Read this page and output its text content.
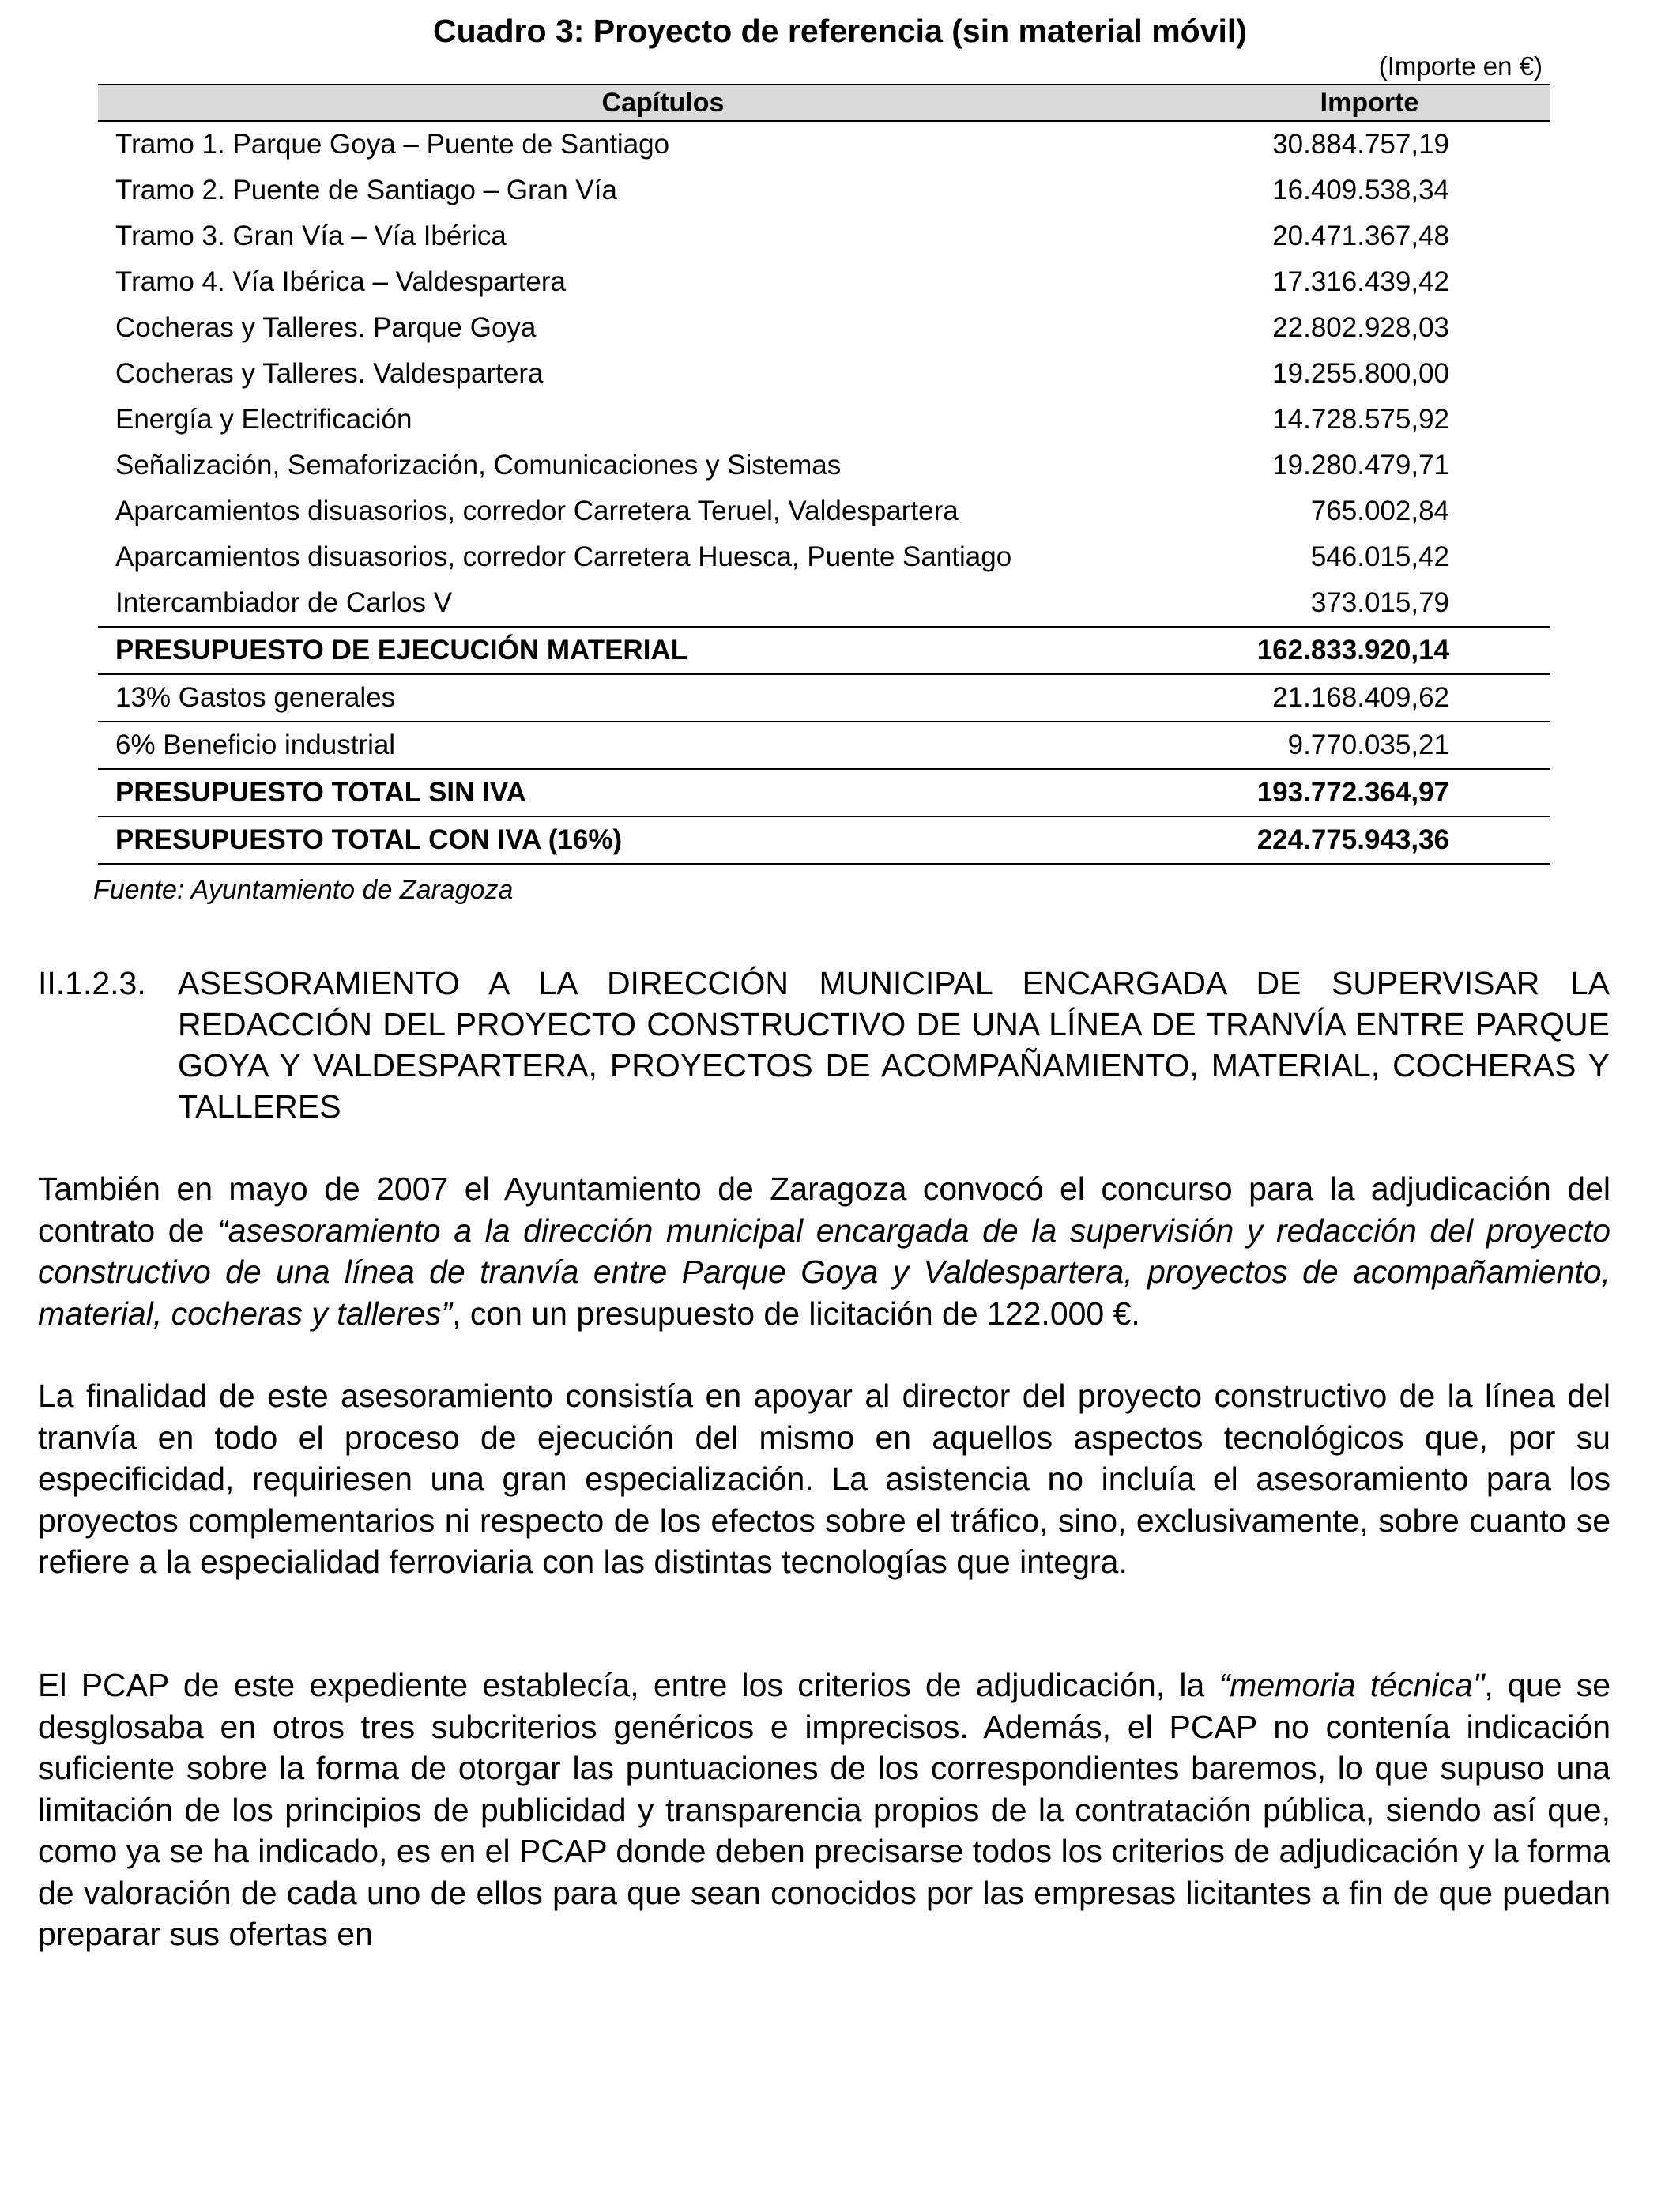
Cuadro 3: Proyecto de referencia (sin material móvil)
(Importe en €)
Capítulos	Importe
Tramo 1. Parque Goya – Puente de Santiago	30.884.757,19
Tramo 2. Puente de Santiago – Gran Vía	16.409.538,34
Tramo 3. Gran Vía – Vía Ibérica	20.471.367,48
Tramo 4. Vía Ibérica – Valdespartera	17.316.439,42
Cocheras y Talleres. Parque Goya	22.802.928,03
Cocheras y Talleres. Valdespartera	19.255.800,00
Energía y Electrificación	14.728.575,92
Señalización, Semaforización, Comunicaciones y Sistemas	19.280.479,71
Aparcamientos disuasorios, corredor Carretera Teruel, Valdespartera	765.002,84
Aparcamientos disuasorios, corredor Carretera Huesca, Puente Santiago	546.015,42
Intercambiador de Carlos V	373.015,79
PRESUPUESTO DE EJECUCIÓN MATERIAL	162.833.920,14
13% Gastos generales	21.168.409,62
6% Beneficio industrial	9.770.035,21
PRESUPUESTO TOTAL SIN IVA	193.772.364,97
PRESUPUESTO TOTAL CON IVA (16%)	224.775.943,36
Fuente: Ayuntamiento de Zaragoza
II.1.2.3. ASESORAMIENTO A LA DIRECCIÓN MUNICIPAL ENCARGADA DE SUPERVISAR LA REDACCIÓN DEL PROYECTO CONSTRUCTIVO DE UNA LÍNEA DE TRANVÍA ENTRE PARQUE GOYA Y VALDESPARTERA, PROYECTOS DE ACOMPAÑAMIENTO, MATERIAL, COCHERAS Y TALLERES

También en mayo de 2007 el Ayuntamiento de Zaragoza convocó el concurso para la adjudicación del contrato de “asesoramiento a la dirección municipal encargada de la supervisión y redacción del proyecto constructivo de una línea de tranvía entre Parque Goya y Valdespartera, proyectos de acompañamiento, material, cocheras y talleres”, con un presupuesto de licitación de 122.000 €.

La finalidad de este asesoramiento consistía en apoyar al director del proyecto constructivo de la línea del tranvía en todo el proceso de ejecución del mismo en aquellos aspectos tecnológicos que, por su especificidad, requiriesen una gran especialización. La asistencia no incluía el asesoramiento para los proyectos complementarios ni respecto de los efectos sobre el tráfico, sino, exclusivamente, sobre cuanto se refiere a la especialidad ferroviaria con las distintas tecnologías que integra.

El PCAP de este expediente establecía, entre los criterios de adjudicación, la “memoria técnica", que se desglosaba en otros tres subcriterios genéricos e imprecisos. Además, el PCAP no contenía indicación suficiente sobre la forma de otorgar las puntuaciones de los correspondientes baremos, lo que supuso una limitación de los principios de publicidad y transparencia propios de la contratación pública, siendo así que, como ya se ha indicado, es en el PCAP donde deben precisarse todos los criterios de adjudicación y la forma de valoración de cada uno de ellos para que sean conocidos por las empresas licitantes a fin de que puedan preparar sus ofertas en
